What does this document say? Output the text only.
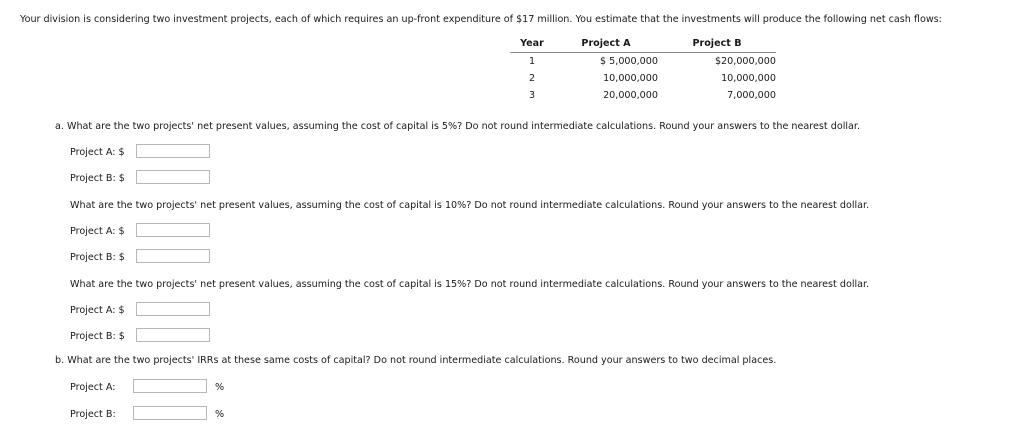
Your division is considering two investment projects, each of which requires an up-front expenditure of $17 million. You estimate that the investments will produce the following net cash flows:
Year	Project A	Project B
1	$ 5,000,000	$20,000,000
2	10,000,000	10,000,000
3	20,000,000	7,000,000
a. What are the two projects' net present values, assuming the cost of capital is 5%? Do not round intermediate calculations. Round your answers to the nearest dollar.
Project A: $
Project B: $
What are the two projects' net present values, assuming the cost of capital is 10%? Do not round intermediate calculations. Round your answers to the nearest dollar.
Project A: $
Project B: $
What are the two projects' net present values, assuming the cost of capital is 15%? Do not round intermediate calculations. Round your answers to the nearest dollar.
Project A: $
Project B: $
b. What are the two projects' IRRs at these same costs of capital? Do not round intermediate calculations. Round your answers to two decimal places.
Project A:	%
Project B:	%
